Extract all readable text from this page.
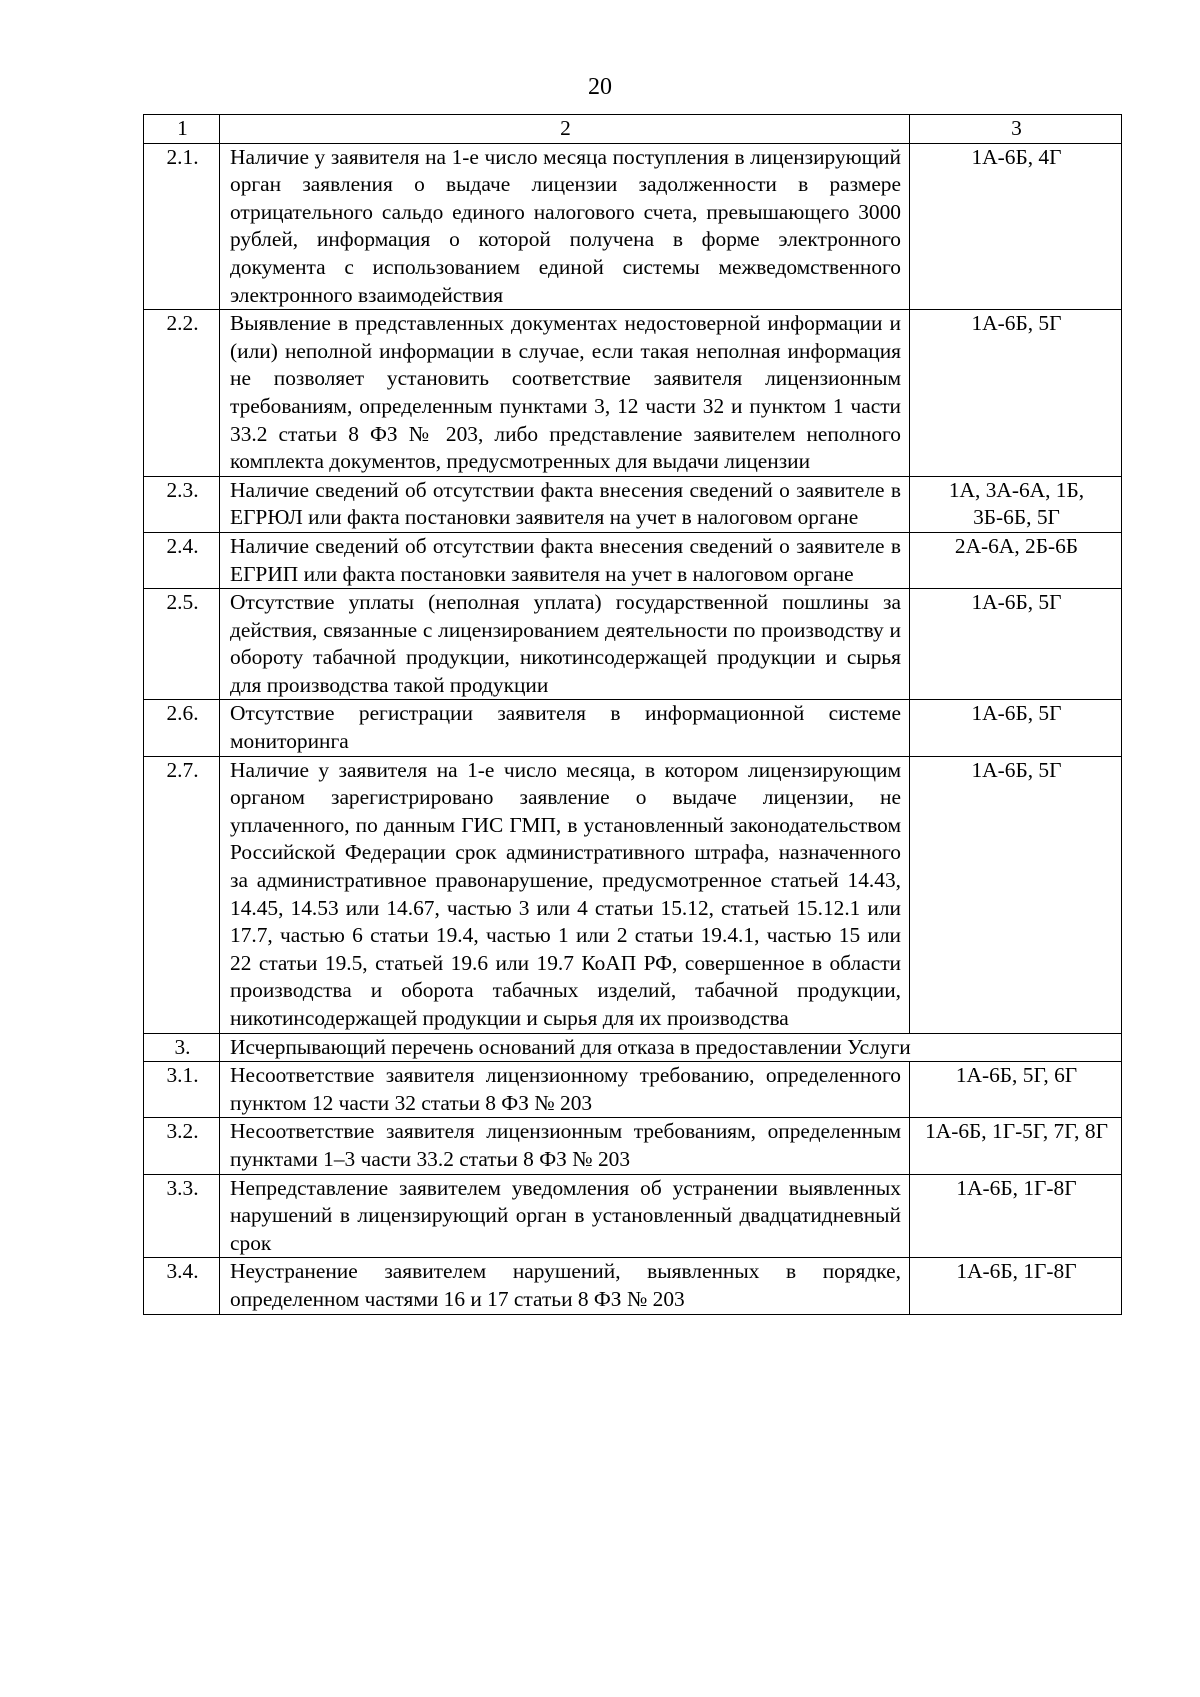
20
1	2	3
2.1.	Наличие у заявителя на 1-е число месяца поступления в лицензирующий орган заявления о выдаче лицензии задолженности в размере отрицательного сальдо единого налогового счета, превышающего 3000 рублей, информация о которой получена в форме электронного документа с использованием единой системы межведомственного электронного взаимодействия	1А-6Б, 4Г
2.2.	Выявление в представленных документах недостоверной информации и (или) неполной информации в случае, если такая неполная информация не позволяет установить соответствие заявителя лицензионным требованиям, определенным пунктами 3, 12 части 32 и пунктом 1 части 33.2 статьи 8 ФЗ № 203, либо представление заявителем неполного комплекта документов, предусмотренных для выдачи лицензии	1А-6Б, 5Г
2.3.	Наличие сведений об отсутствии факта внесения сведений о заявителе в ЕГРЮЛ или факта постановки заявителя на учет в налоговом органе	1А, 3А-6А, 1Б, 3Б-6Б, 5Г
2.4.	Наличие сведений об отсутствии факта внесения сведений о заявителе в ЕГРИП или факта постановки заявителя на учет в налоговом органе	2А-6А, 2Б-6Б
2.5.	Отсутствие уплаты (неполная уплата) государственной пошлины за действия, связанные с лицензированием деятельности по производству и обороту табачной продукции, никотинсодержащей продукции и сырья для производства такой продукции	1А-6Б, 5Г
2.6.	Отсутствие регистрации заявителя в информационной системе мониторинга	1А-6Б, 5Г
2.7.	Наличие у заявителя на 1-е число месяца, в котором лицензирующим органом зарегистрировано заявление о выдаче лицензии, не уплаченного, по данным ГИС ГМП, в установленный законодательством Российской Федерации срок административного штрафа, назначенного за административное правонарушение, предусмотренное статьей 14.43, 14.45, 14.53 или 14.67, частью 3 или 4 статьи 15.12, статьей 15.12.1 или 17.7, частью 6 статьи 19.4, частью 1 или 2 статьи 19.4.1, частью 15 или 22 статьи 19.5, статьей 19.6 или 19.7 КоАП РФ, совершенное в области производства и оборота табачных изделий, табачной продукции, никотинсодержащей продукции и сырья для их производства	1А-6Б, 5Г
3.	Исчерпывающий перечень оснований для отказа в предоставлении Услуги	
3.1.	Несоответствие заявителя лицензионному требованию, определенного пунктом 12 части 32 статьи 8 ФЗ № 203	1А-6Б, 5Г, 6Г
3.2.	Несоответствие заявителя лицензионным требованиям, определенным пунктами 1–3 части 33.2 статьи 8 ФЗ № 203	1А-6Б, 1Г-5Г, 7Г, 8Г
3.3.	Непредставление заявителем уведомления об устранении выявленных нарушений в лицензирующий орган в установленный двадцатидневный срок	1А-6Б, 1Г-8Г
3.4.	Неустранение заявителем нарушений, выявленных в порядке, определенном частями 16 и 17 статьи 8 ФЗ № 203	1А-6Б, 1Г-8Г
